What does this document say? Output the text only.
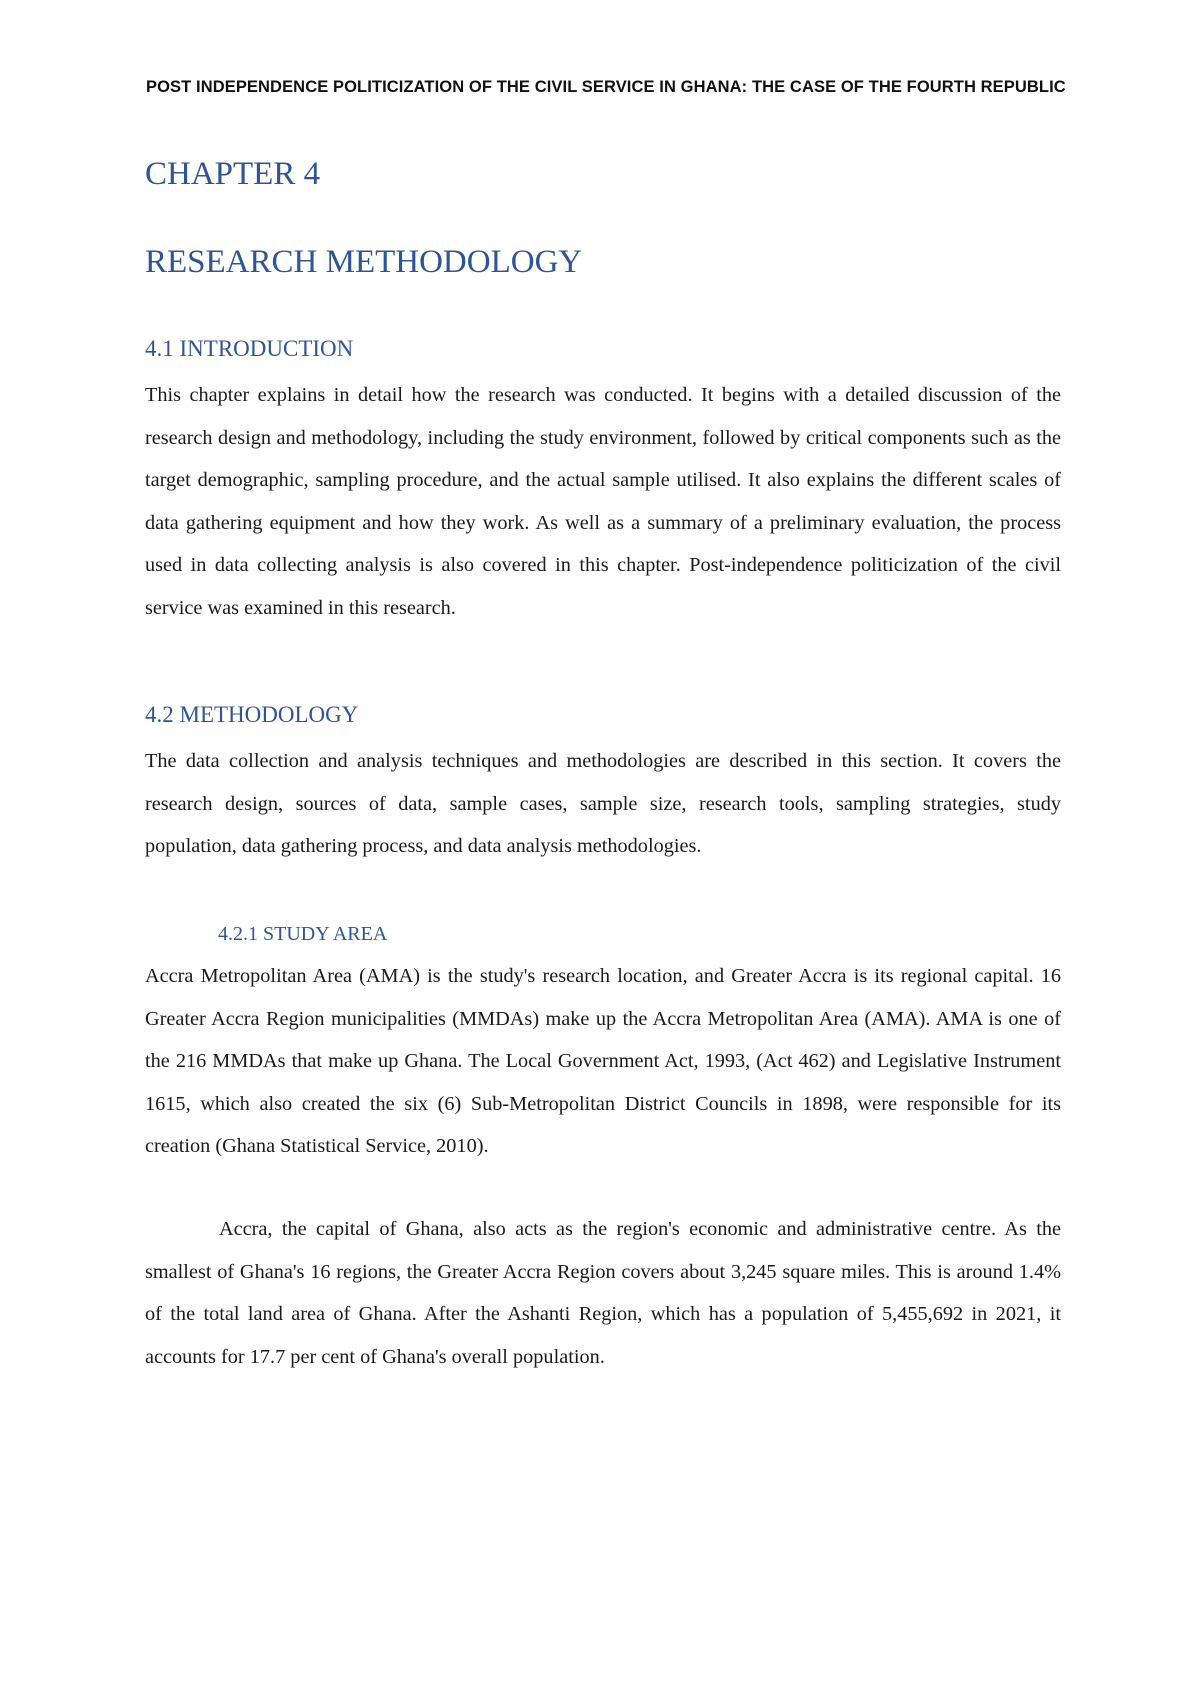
POST INDEPENDENCE POLITICIZATION OF THE CIVIL SERVICE IN GHANA: THE CASE OF THE FOURTH REPUBLIC
CHAPTER 4
RESEARCH METHODOLOGY
4.1 INTRODUCTION

This chapter explains in detail how the research was conducted. It begins with a detailed discussion of the research design and methodology, including the study environment, followed by critical components such as the target demographic, sampling procedure, and the actual sample utilised. It also explains the different scales of data gathering equipment and how they work. As well as a summary of a preliminary evaluation, the process used in data collecting analysis is also covered in this chapter. Post-independence politicization of the civil service was examined in this research.

4.2 METHODOLOGY

The data collection and analysis techniques and methodologies are described in this section. It covers the research design, sources of data, sample cases, sample size, research tools, sampling strategies, study population, data gathering process, and data analysis methodologies.

4.2.1 STUDY AREA

Accra Metropolitan Area (AMA) is the study's research location, and Greater Accra is its regional capital. 16 Greater Accra Region municipalities (MMDAs) make up the Accra Metropolitan Area (AMA). AMA is one of the 216 MMDAs that make up Ghana. The Local Government Act, 1993, (Act 462) and Legislative Instrument 1615, which also created the six (6) Sub-Metropolitan District Councils in 1898, were responsible for its creation (Ghana Statistical Service, 2010).

Accra, the capital of Ghana, also acts as the region's economic and administrative centre. As the smallest of Ghana's 16 regions, the Greater Accra Region covers about 3,245 square miles. This is around 1.4% of the total land area of Ghana. After the Ashanti Region, which has a population of 5,455,692 in 2021, it accounts for 17.7 per cent of Ghana's overall population.
